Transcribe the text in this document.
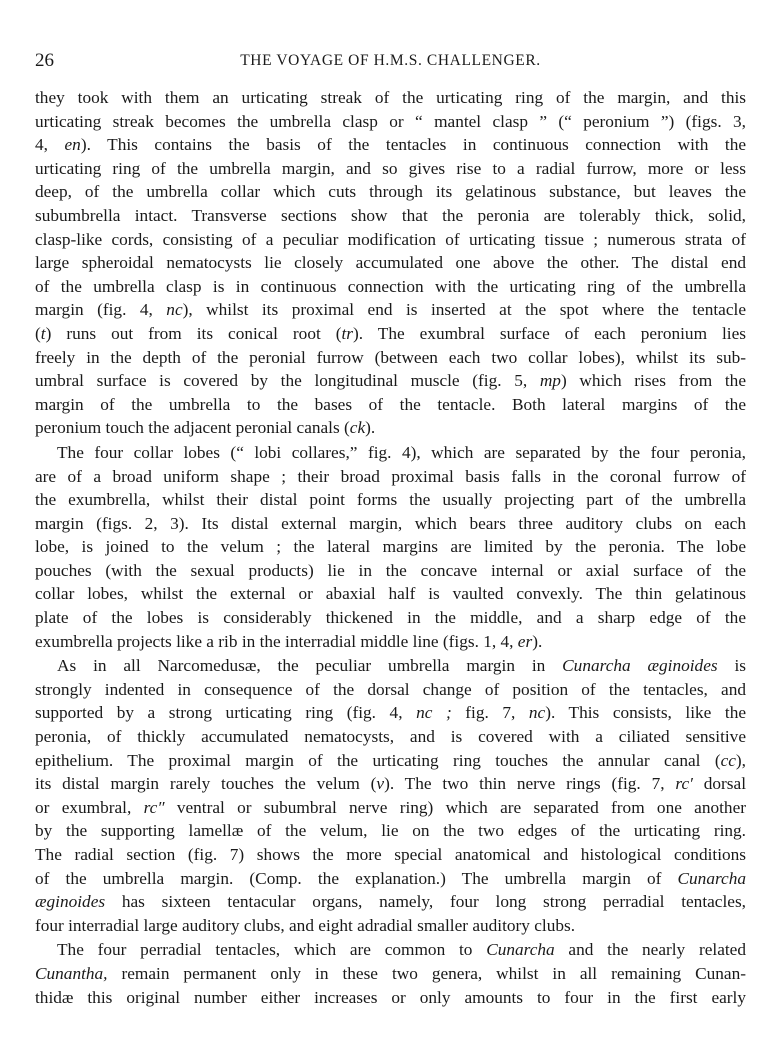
26	THE VOYAGE OF H.M.S. CHALLENGER.
they took with them an urticating streak of the urticating ring of the margin, and this
urticating streak becomes the umbrella clasp or “ mantel clasp ” (“ peronium ”) (figs. 3,
4, en). This contains the basis of the tentacles in continuous connection with the
urticating ring of the umbrella margin, and so gives rise to a radial furrow, more or less
deep, of the umbrella collar which cuts through its gelatinous substance, but leaves the
subumbrella intact. Transverse sections show that the peronia are tolerably thick, solid,
clasp-like cords, consisting of a peculiar modification of urticating tissue ; numerous strata of
large spheroidal nematocysts lie closely accumulated one above the other. The distal end
of the umbrella clasp is in continuous connection with the urticating ring of the umbrella
margin (fig. 4, nc), whilst its proximal end is inserted at the spot where the tentacle
(t) runs out from its conical root (tr). The exumbral surface of each peronium lies
freely in the depth of the peronial furrow (between each two collar lobes), whilst its sub-
umbral surface is covered by the longitudinal muscle (fig. 5, mp) which rises from the
margin of the umbrella to the bases of the tentacle. Both lateral margins of the
peronium touch the adjacent peronial canals (ck).
The four collar lobes (“ lobi collares,” fig. 4), which are separated by the four peronia,
are of a broad uniform shape ; their broad proximal basis falls in the coronal furrow of
the exumbrella, whilst their distal point forms the usually projecting part of the umbrella
margin (figs. 2, 3). Its distal external margin, which bears three auditory clubs on each
lobe, is joined to the velum ; the lateral margins are limited by the peronia. The lobe
pouches (with the sexual products) lie in the concave internal or axial surface of the
collar lobes, whilst the external or abaxial half is vaulted convexly. The thin gelatinous
plate of the lobes is considerably thickened in the middle, and a sharp edge of the
exumbrella projects like a rib in the interradial middle line (figs. 1, 4, er).
As in all Narcomedusæ, the peculiar umbrella margin in Cunarcha æginoides is
strongly indented in consequence of the dorsal change of position of the tentacles, and
supported by a strong urticating ring (fig. 4, nc ; fig. 7, nc). This consists, like the
peronia, of thickly accumulated nematocysts, and is covered with a ciliated sensitive
epithelium. The proximal margin of the urticating ring touches the annular canal (cc),
its distal margin rarely touches the velum (v). The two thin nerve rings (fig. 7, rc′ dorsal
or exumbral, rc″ ventral or subumbral nerve ring) which are separated from one another
by the supporting lamellæ of the velum, lie on the two edges of the urticating ring.
The radial section (fig. 7) shows the more special anatomical and histological conditions
of the umbrella margin. (Comp. the explanation.) The umbrella margin of Cunarcha
æginoides has sixteen tentacular organs, namely, four long strong perradial tentacles,
four interradial large auditory clubs, and eight adradial smaller auditory clubs.
The four perradial tentacles, which are common to Cunarcha and the nearly related
Cunantha, remain permanent only in these two genera, whilst in all remaining Cunan-
thidæ this original number either increases or only amounts to four in the first early
